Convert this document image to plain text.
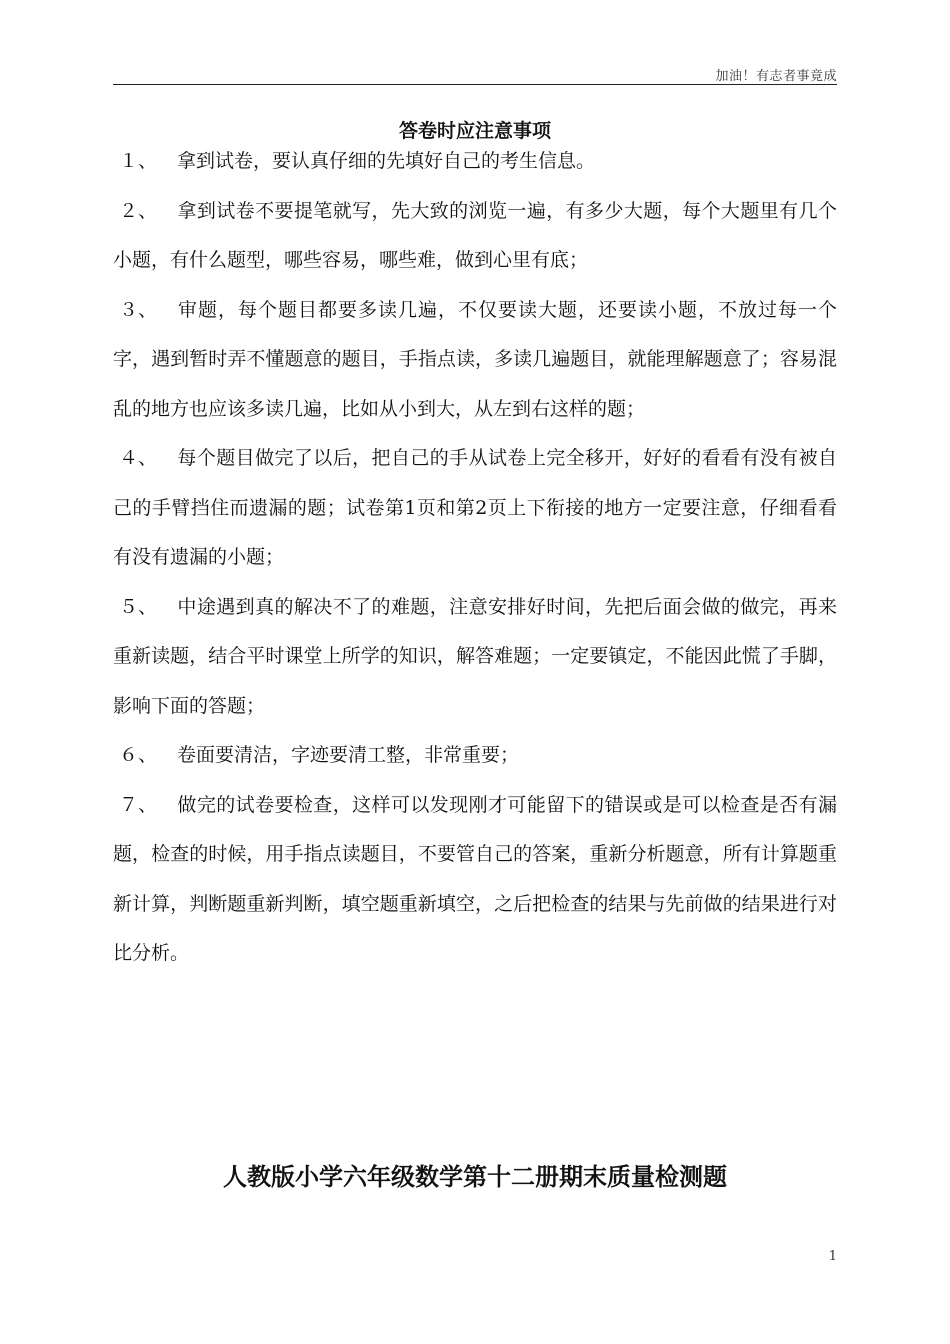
加油！有志者事竟成
答卷时应注意事项

１、 拿到试卷，要认真仔细的先填好自己的考生信息。

２、 拿到试卷不要提笔就写，先大致的浏览一遍，有多少大题，每个大题里有几个小题，有什么题型，哪些容易，哪些难，做到心里有底；

３、 审题，每个题目都要多读几遍，不仅要读大题，还要读小题，不放过每一个字，遇到暂时弄不懂题意的题目，手指点读，多读几遍题目，就能理解题意了；容易混乱的地方也应该多读几遍，比如从小到大，从左到右这样的题；

４、 每个题目做完了以后，把自己的手从试卷上完全移开，好好的看看有没有被自己的手臂挡住而遗漏的题；试卷第1页和第2页上下衔接的地方一定要注意，仔细看看有没有遗漏的小题；

５、 中途遇到真的解决不了的难题，注意安排好时间，先把后面会做的做完，再来重新读题，结合平时课堂上所学的知识，解答难题；一定要镇定，不能因此慌了手脚，影响下面的答题；

６、 卷面要清洁，字迹要清工整，非常重要；

７、 做完的试卷要检查，这样可以发现刚才可能留下的错误或是可以检查是否有漏题，检查的时候，用手指点读题目，不要管自己的答案，重新分析题意，所有计算题重新计算，判断题重新判断，填空题重新填空，之后把检查的结果与先前做的结果进行对比分析。

人教版小学六年级数学第十二册期末质量检测题
1
